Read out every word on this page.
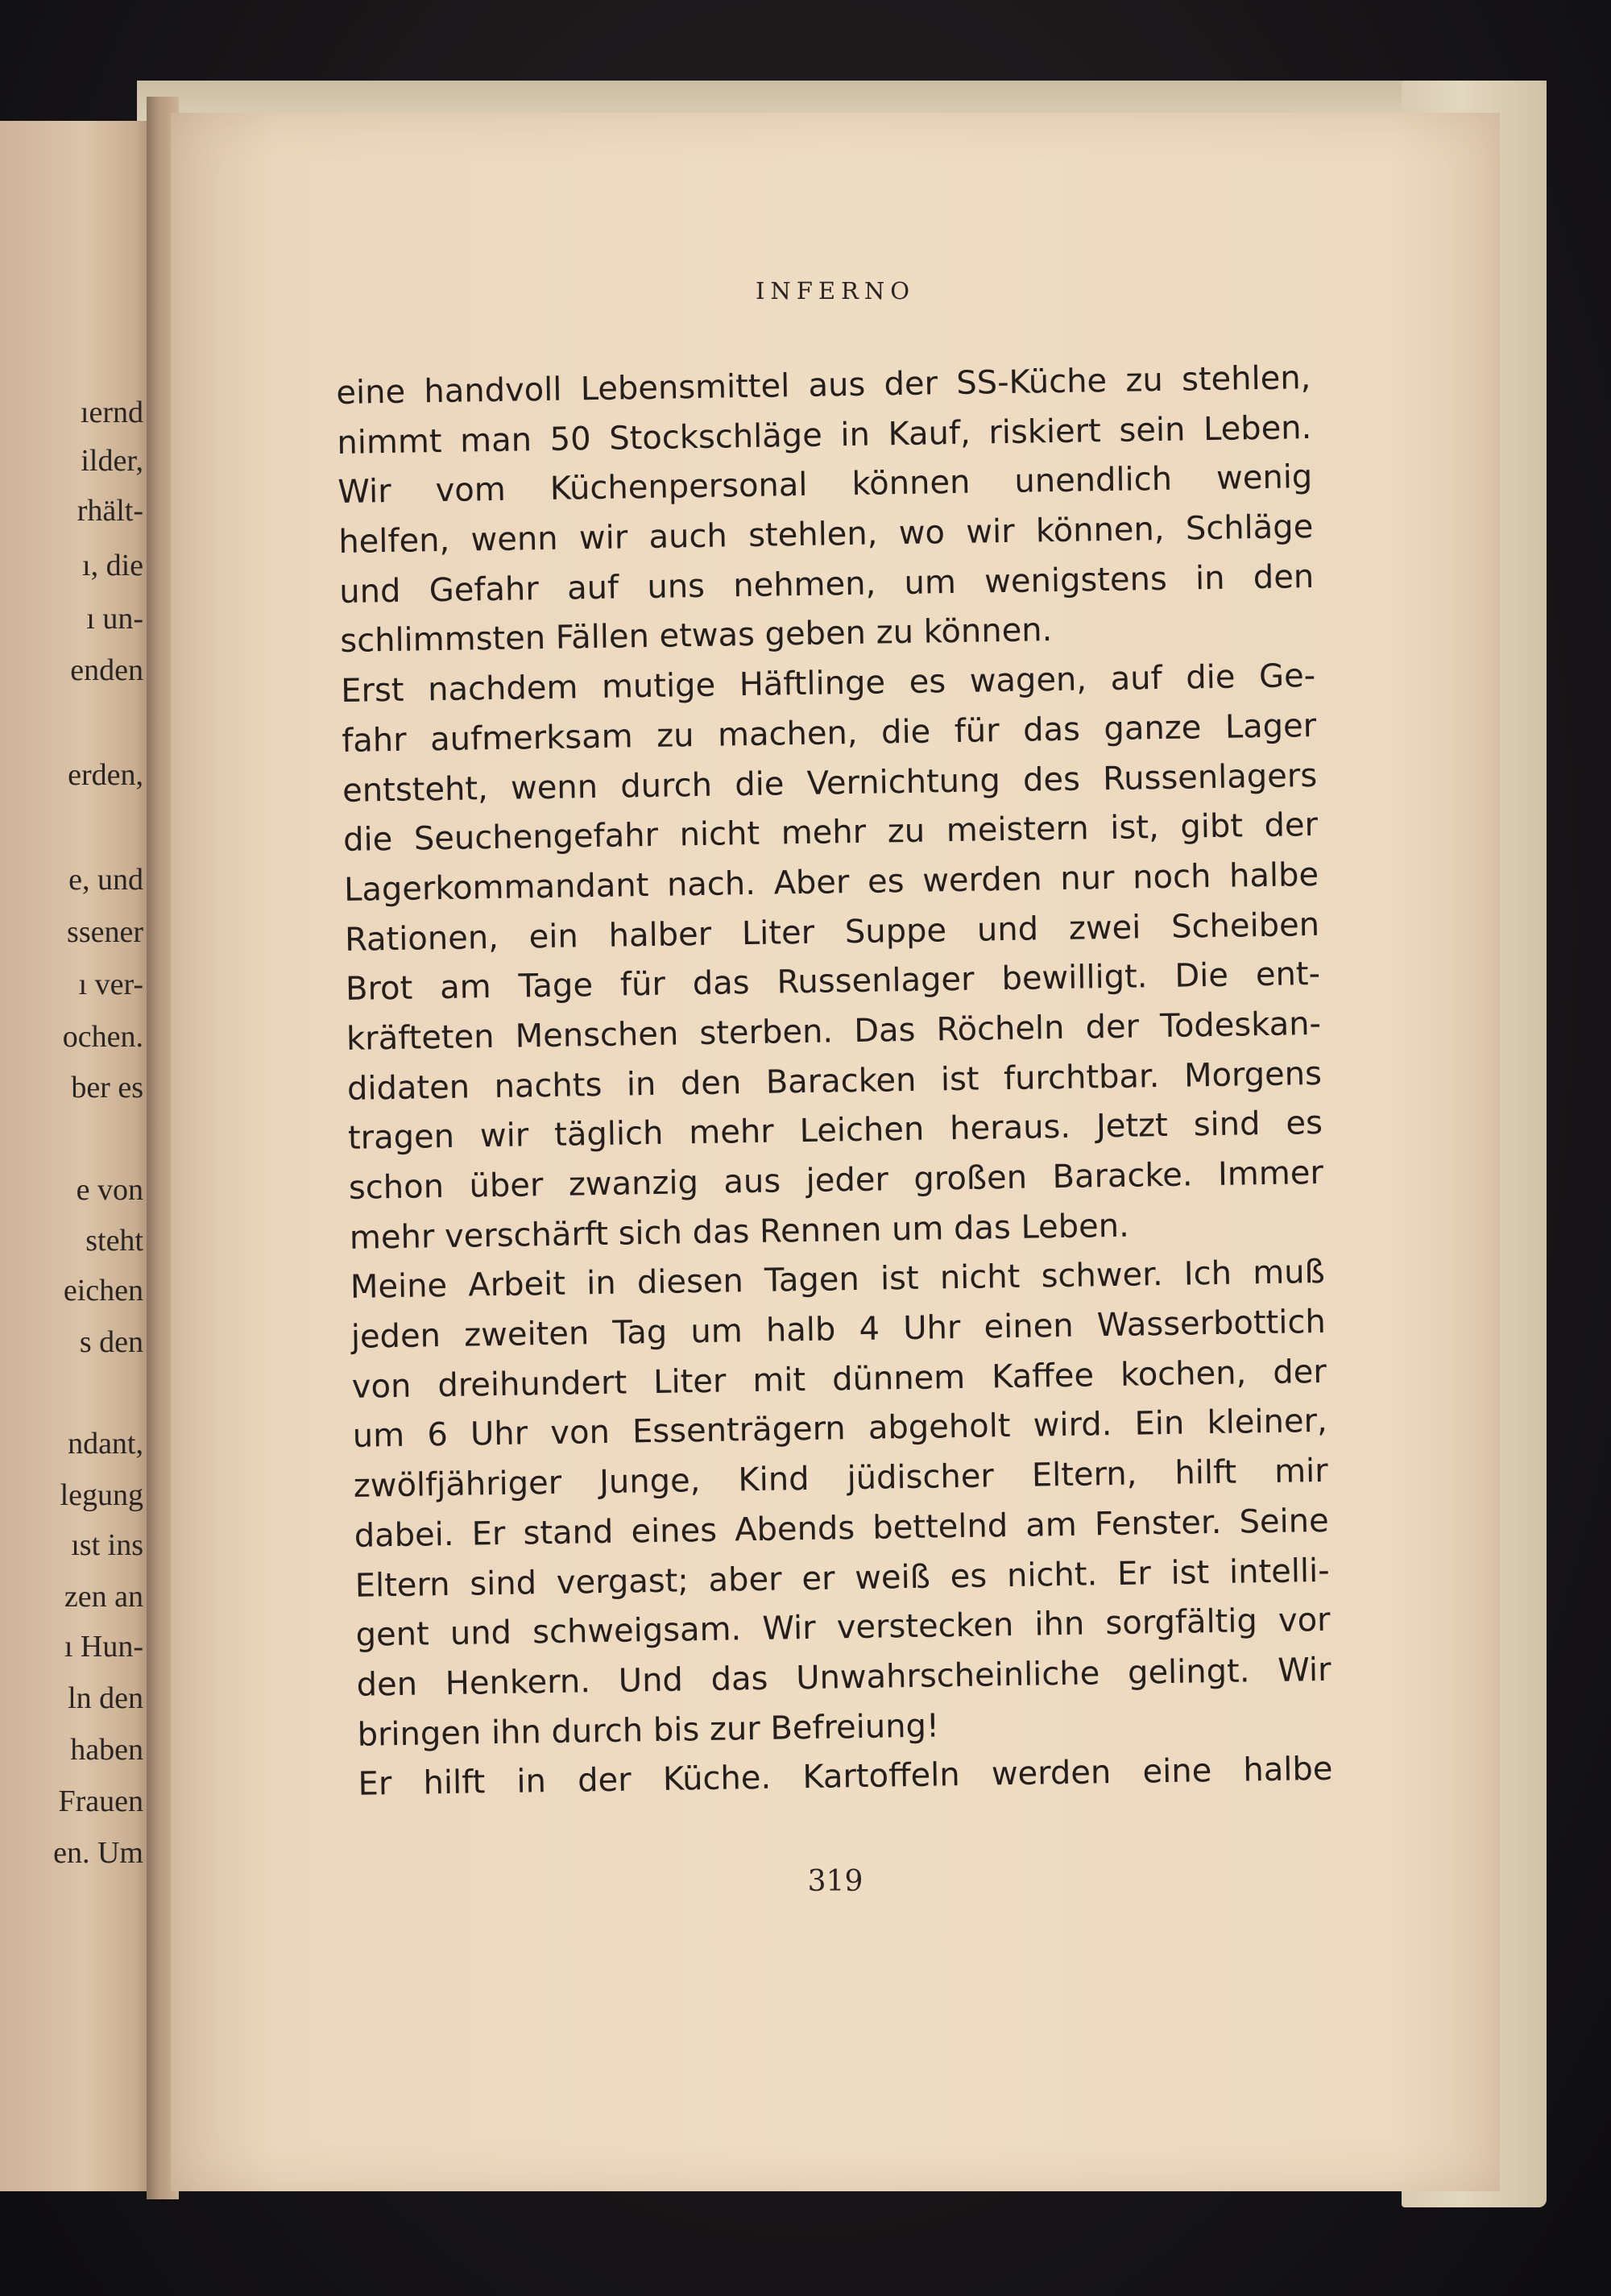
ıernd
ilder,
rhält-
ı, die
ı un-
enden
erden,
e, und
ssener
ı ver-
ochen.
ber es
e von
steht
eichen
s den
ndant,
legung
ıst ins
zen an
ı Hun-
ln den
haben
Frauen
en. Um
INFERNO
eine handvoll Lebensmittel aus der SS-Küche zu stehlen,
nimmt man 50 Stockschläge in Kauf, riskiert sein Leben.
Wir vom Küchenpersonal können unendlich wenig
helfen, wenn wir auch stehlen, wo wir können, Schläge
und Gefahr auf uns nehmen, um wenigstens in den
schlimmsten Fällen etwas geben zu können.
Erst nachdem mutige Häftlinge es wagen, auf die Ge-
fahr aufmerksam zu machen, die für das ganze Lager
entsteht, wenn durch die Vernichtung des Russenlagers
die Seuchengefahr nicht mehr zu meistern ist, gibt der
Lagerkommandant nach. Aber es werden nur noch halbe
Rationen, ein halber Liter Suppe und zwei Scheiben
Brot am Tage für das Russenlager bewilligt. Die ent-
kräfteten Menschen sterben. Das Röcheln der Todeskan-
didaten nachts in den Baracken ist furchtbar. Morgens
tragen wir täglich mehr Leichen heraus. Jetzt sind es
schon über zwanzig aus jeder großen Baracke. Immer
mehr verschärft sich das Rennen um das Leben.
Meine Arbeit in diesen Tagen ist nicht schwer. Ich muß
jeden zweiten Tag um halb 4 Uhr einen Wasserbottich
von dreihundert Liter mit dünnem Kaffee kochen, der
um 6 Uhr von Essenträgern abgeholt wird. Ein kleiner,
zwölfjähriger Junge, Kind jüdischer Eltern, hilft mir
dabei. Er stand eines Abends bettelnd am Fenster. Seine
Eltern sind vergast; aber er weiß es nicht. Er ist intelli-
gent und schweigsam. Wir verstecken ihn sorgfältig vor
den Henkern. Und das Unwahrscheinliche gelingt. Wir
bringen ihn durch bis zur Befreiung!
Er hilft in der Küche. Kartoffeln werden eine halbe
319
